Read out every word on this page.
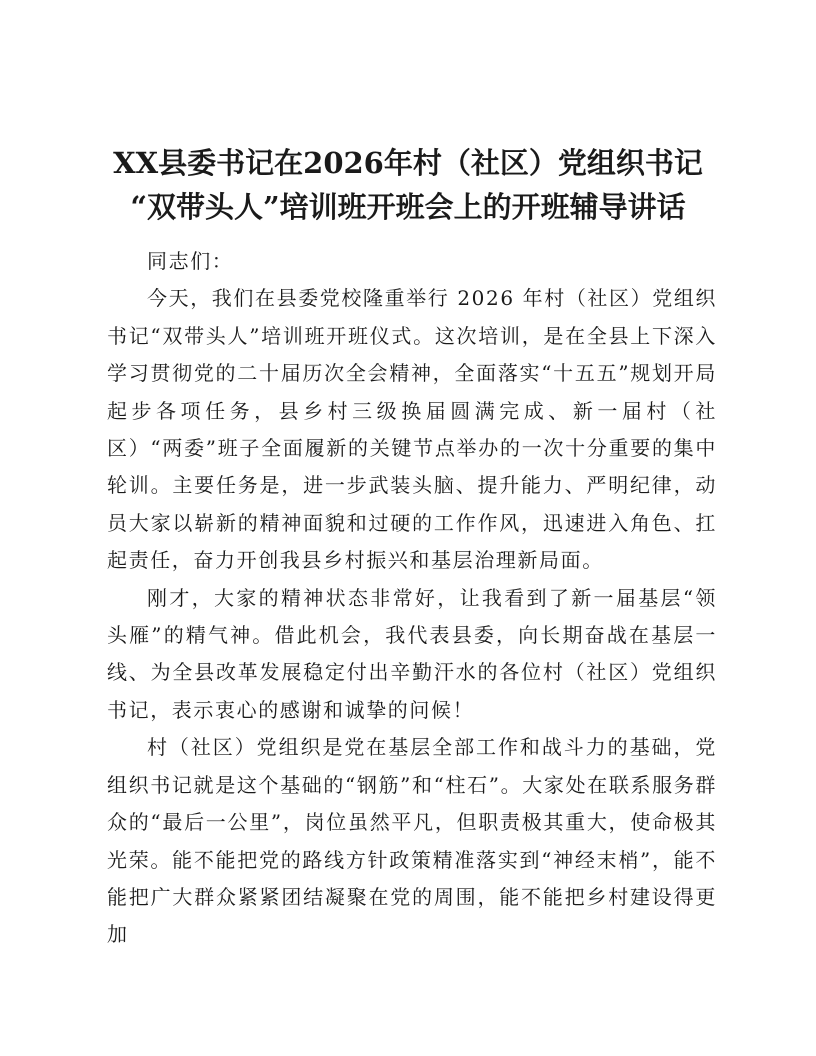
XX县委书记在2026年村（社区）党组织书记
“双带头人”培训班开班会上的开班辅导讲话

同志们：

今天，我们在县委党校隆重举行 2026 年村（社区）党组织书记“双带头人”培训班开班仪式。这次培训，是在全县上下深入学习贯彻党的二十届历次全会精神，全面落实“十五五”规划开局起步各项任务，县乡村三级换届圆满完成、新一届村（社区）“两委”班子全面履新的关键节点举办的一次十分重要的集中轮训。主要任务是，进一步武装头脑、提升能力、严明纪律，动员大家以崭新的精神面貌和过硬的工作作风，迅速进入角色、扛起责任，奋力开创我县乡村振兴和基层治理新局面。

刚才，大家的精神状态非常好，让我看到了新一届基层“领头雁”的精气神。借此机会，我代表县委，向长期奋战在基层一线、为全县改革发展稳定付出辛勤汗水的各位村（社区）党组织书记，表示衷心的感谢和诚挚的问候！

村（社区）党组织是党在基层全部工作和战斗力的基础，党组织书记就是这个基础的“钢筋”和“柱石”。大家处在联系服务群众的“最后一公里”，岗位虽然平凡，但职责极其重大，使命极其光荣。能不能把党的路线方针政策精准落实到“神经末梢”，能不能把广大群众紧紧团结凝聚在党的周围，能不能把乡村建设得更加
